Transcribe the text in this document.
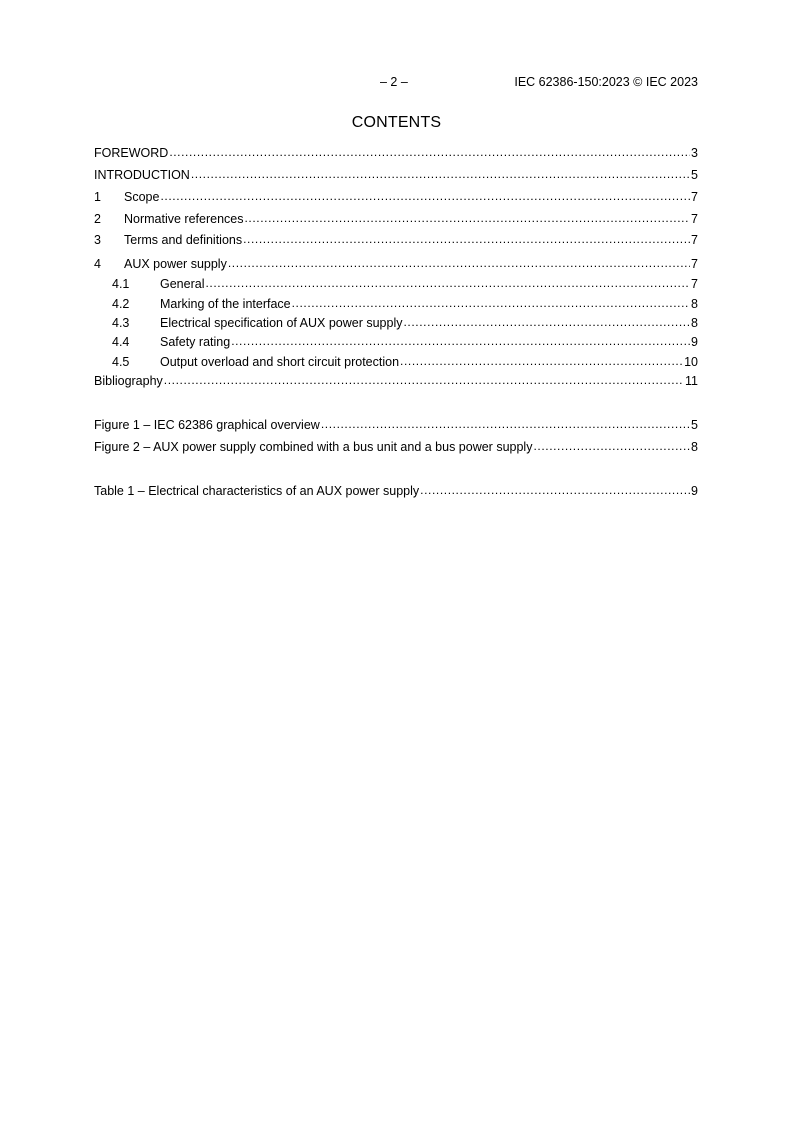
– 2 –	IEC 62386-150:2023 © IEC 2023
CONTENTS
FOREWORD .....	3
INTRODUCTION .....	5
1	Scope .....	7
2	Normative references .....	7
3	Terms and definitions .....	7
4	AUX power supply .....	7
4.1	General .....	7
4.2	Marking of the interface .....	8
4.3	Electrical specification of AUX power supply .....	8
4.4	Safety rating .....	9
4.5	Output overload and short circuit protection .....	10
Bibliography .....	11
Figure 1 – IEC 62386 graphical overview .....	5
Figure 2 – AUX power supply combined with a bus unit and a bus power supply .....	8
Table 1 – Electrical characteristics of an AUX power supply .....	9
